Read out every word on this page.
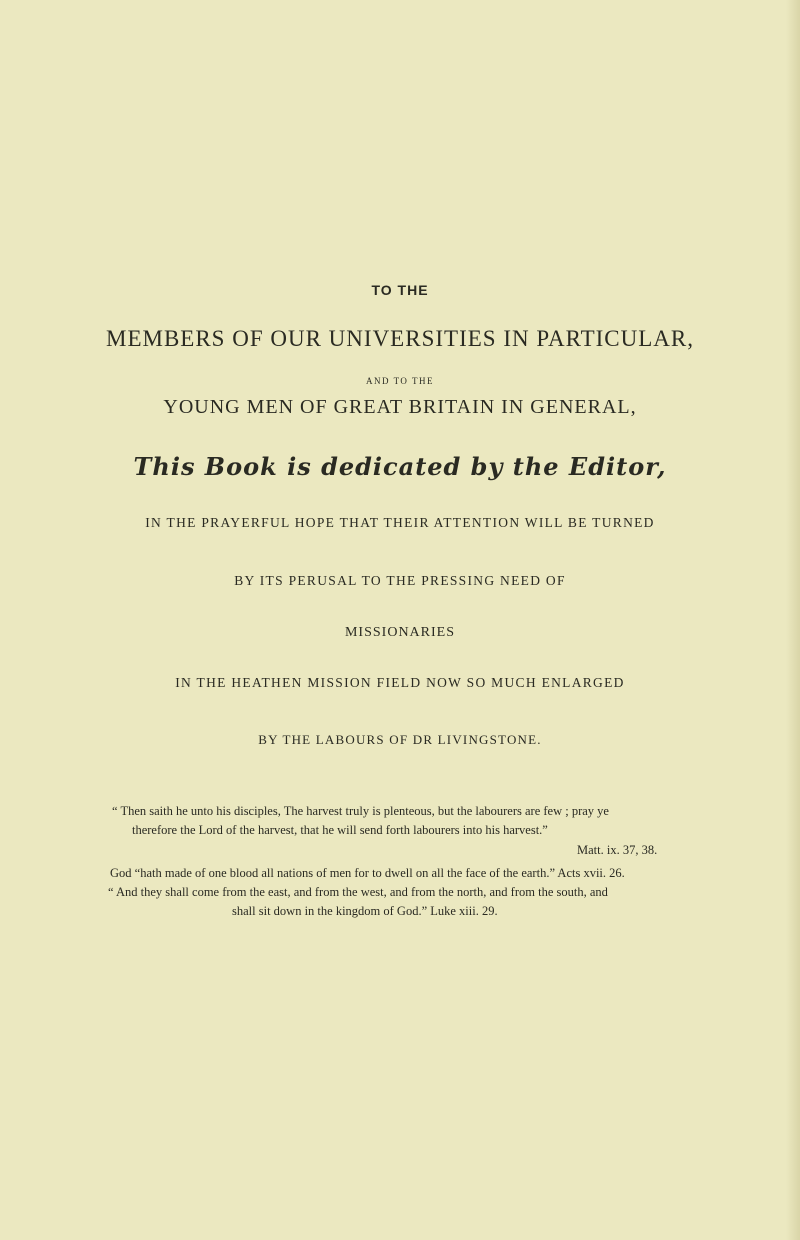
TO THE
MEMBERS OF OUR UNIVERSITIES IN PARTICULAR,
AND TO THE
YOUNG MEN OF GREAT BRITAIN IN GENERAL,
This Book is dedicated by the Editor,
IN THE PRAYERFUL HOPE THAT THEIR ATTENTION WILL BE TURNED
BY ITS PERUSAL TO THE PRESSING NEED OF
MISSIONARIES
IN THE HEATHEN MISSION FIELD NOW SO MUCH ENLARGED
BY THE LABOURS OF DR LIVINGSTONE.
“ Then saith he unto his disciples, The harvest truly is plenteous, but the labourers are few ; pray ye
therefore the Lord of the harvest, that he will send forth labourers into his harvest.”
Matt. ix. 37, 38.
God “hath made of one blood all nations of men for to dwell on all the face of the earth.” Acts xvii. 26.
“ And they shall come from the east, and from the west, and from the north, and from the south, and
shall sit down in the kingdom of God.” Luke xiii. 29.
